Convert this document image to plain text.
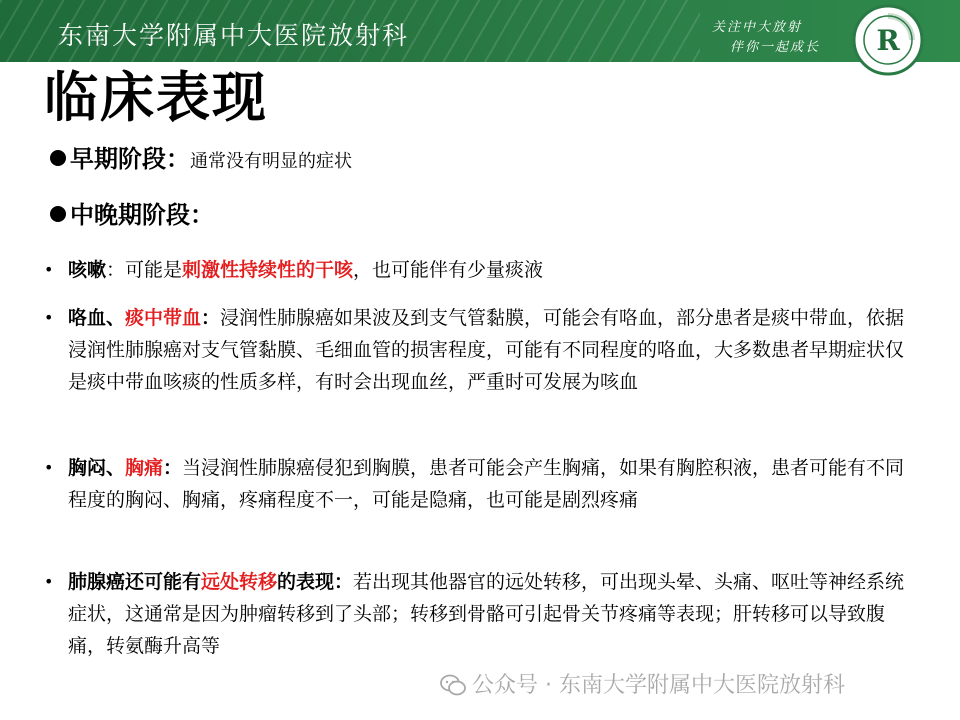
东南大学附属中大医院放射科	关注中大放射
伴你一起成长 R
临床表现
早期阶段：通常没有明显的症状
中晚期阶段：
• 咳嗽：可能是刺激性持续性的干咳，也可能伴有少量痰液
• 咯血、痰中带血：浸润性肺腺癌如果波及到支气管黏膜，可能会有咯血，部分患者是痰中带血，依据浸润性肺腺癌对支气管黏膜、毛细血管的损害程度，可能有不同程度的咯血，大多数患者早期症状仅是痰中带血咳痰的性质多样，有时会出现血丝，严重时可发展为咳血
• 胸闷、胸痛：当浸润性肺腺癌侵犯到胸膜，患者可能会产生胸痛，如果有胸腔积液，患者可能有不同程度的胸闷、胸痛，疼痛程度不一，可能是隐痛，也可能是剧烈疼痛
• 肺腺癌还可能有远处转移的表现：若出现其他器官的远处转移，可出现头晕、头痛、呕吐等神经系统症状，这通常是因为肿瘤转移到了头部；转移到骨骼可引起骨关节疼痛等表现；肝转移可以导致腹痛，转氨酶升高等
公众号 · 东南大学附属中大医院放射科
